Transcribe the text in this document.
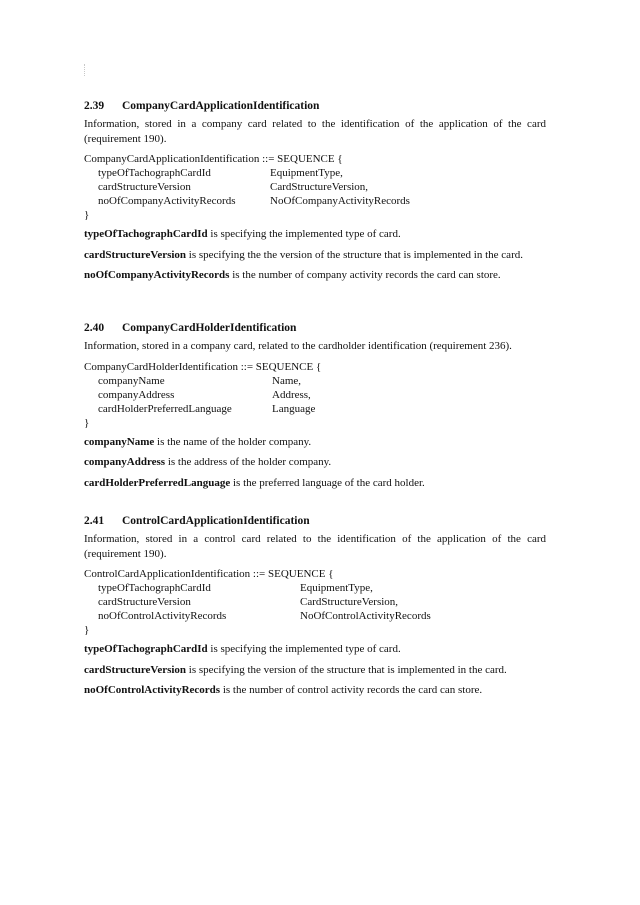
2.39 CompanyCardApplicationIdentification

Information, stored in a company card related to the identification of the application of the card (requirement 190).

CompanyCardApplicationIdentification ::= SEQUENCE {
typeOfTachographCardId	EquipmentType,
cardStructureVersion	CardStructureVersion,
noOfCompanyActivityRecords	NoOfCompanyActivityRecords
}

typeOfTachographCardId is specifying the implemented type of card.

cardStructureVersion is specifying the the version of the structure that is implemented in the card.

noOfCompanyActivityRecords is the number of company activity records the card can store.

2.40 CompanyCardHolderIdentification

Information, stored in a company card, related to the cardholder identification (requirement 236).

CompanyCardHolderIdentification ::= SEQUENCE {
companyName	Name,
companyAddress	Address,
cardHolderPreferredLanguage	Language
}

companyName is the name of the holder company.

companyAddress is the address of the holder company.

cardHolderPreferredLanguage is the preferred language of the card holder.

2.41 ControlCardApplicationIdentification

Information, stored in a control card related to the identification of the application of the card (requirement 190).

ControlCardApplicationIdentification ::= SEQUENCE {
typeOfTachographCardId	EquipmentType,
cardStructureVersion	CardStructureVersion,
noOfControlActivityRecords	NoOfControlActivityRecords
}

typeOfTachographCardId is specifying the implemented type of card.

cardStructureVersion is specifying the version of the structure that is implemented in the card.

noOfControlActivityRecords is the number of control activity records the card can store.
